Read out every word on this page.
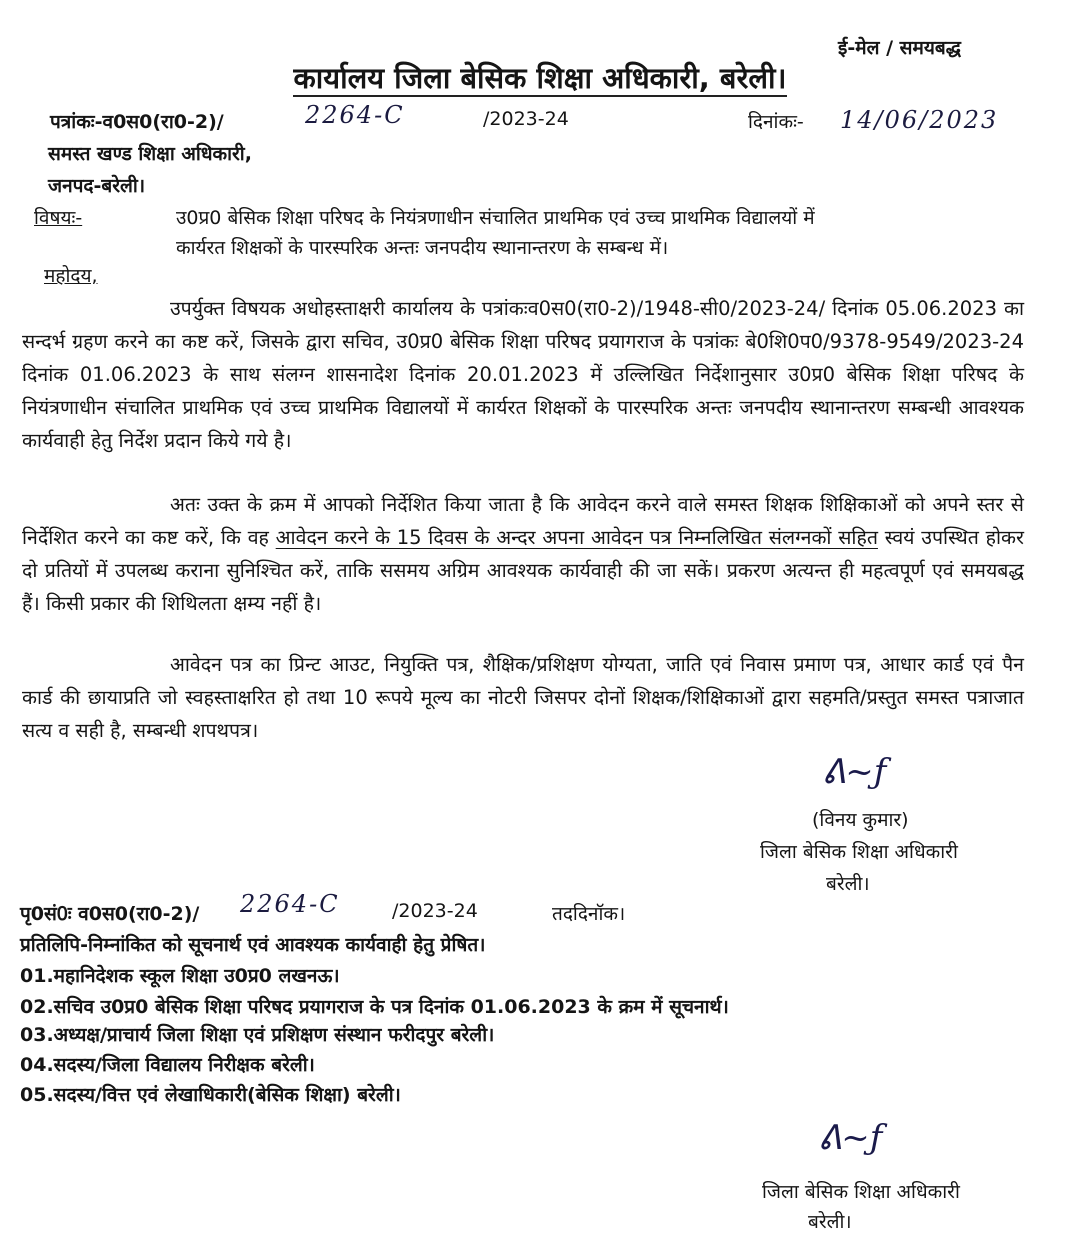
ई-मेल / समयबद्ध
कार्यालय जिला बेसिक शिक्षा अधिकारी, बरेली।
पत्रांकः-व0स0(रा0-2)/	2264-C	/2023-24	दिनांकः- 14/06/2023
समस्त खण्ड शिक्षा अधिकारी,
जनपद-बरेली।
विषयः-	उ0प्र0 बेसिक शिक्षा परिषद के नियंत्रणाधीन संचालित प्राथमिक एवं उच्च प्राथमिक विद्यालयों में
कार्यरत शिक्षकों के पारस्परिक अन्तः जनपदीय स्थानान्तरण के सम्बन्ध में।
महोदय,
उपर्युक्त विषयक अधोहस्ताक्षरी कार्यालय के पत्रांकःव0स0(रा0-2)/1948-सी0/2023-24/ दिनांक 05.06.2023 का सन्दर्भ ग्रहण करने का कष्ट करें, जिसके द्वारा सचिव, उ0प्र0 बेसिक शिक्षा परिषद प्रयागराज के पत्रांकः बे0शि0प0/9378-9549/2023-24 दिनांक 01.06.2023 के साथ संलग्न शासनादेश दिनांक 20.01.2023 में उल्लिखित निर्देशानुसार उ0प्र0 बेसिक शिक्षा परिषद के नियंत्रणाधीन संचालित प्राथमिक एवं उच्च प्राथमिक विद्यालयों में कार्यरत शिक्षकों के पारस्परिक अन्तः जनपदीय स्थानान्तरण सम्बन्धी आवश्यक कार्यवाही हेतु निर्देश प्रदान किये गये है।
अतः उक्त के क्रम में आपको निर्देशित किया जाता है कि आवेदन करने वाले समस्त शिक्षक शिक्षिकाओं को अपने स्तर से निर्देशित करने का कष्ट करें, कि वह आवेदन करने के 15 दिवस के अन्दर अपना आवेदन पत्र निम्नलिखित संलग्नकों सहित स्वयं उपस्थित होकर दो प्रतियों में उपलब्ध कराना सुनिश्चित करें, ताकि ससमय अग्रिम आवश्यक कार्यवाही की जा सकें। प्रकरण अत्यन्त ही महत्वपूर्ण एवं समयबद्ध हैं। किसी प्रकार की शिथिलता क्षम्य नहीं है।
आवेदन पत्र का प्रिन्ट आउट, नियुक्ति पत्र, शैक्षिक/प्रशिक्षण योग्यता, जाति एवं निवास प्रमाण पत्र, आधार कार्ड एवं पैन कार्ड की छायाप्रति जो स्वहस्ताक्षरित हो तथा 10 रूपये मूल्य का नोटरी जिसपर दोनों शिक्षक/शिक्षिकाओं द्वारा सहमति/प्रस्तुत समस्त पत्राजात सत्य व सही है, सम्बन्धी शपथपत्र।
ᕕ~ƒ
(विनय कुमार)
जिला बेसिक शिक्षा अधिकारी
बरेली।
पृ0सं0ः व0स0(रा0-2)/ 2264-C	/2023-24	तददिनॉक।
प्रतिलिपि-निम्नांकित को सूचनार्थ एवं आवश्यक कार्यवाही हेतु प्रेषित।
01.महानिदेशक स्कूल शिक्षा उ0प्र0 लखनऊ।
02.सचिव उ0प्र0 बेसिक शिक्षा परिषद प्रयागराज के पत्र दिनांक 01.06.2023 के क्रम में सूचनार्थ।
03.अध्यक्ष/प्राचार्य जिला शिक्षा एवं प्रशिक्षण संस्थान फरीदपुर बरेली।
04.सदस्य/जिला विद्यालय निरीक्षक बरेली।
05.सदस्य/वित्त एवं लेखाधिकारी(बेसिक शिक्षा) बरेली।
ᕕ~ƒ
जिला बेसिक शिक्षा अधिकारी
बरेली।
